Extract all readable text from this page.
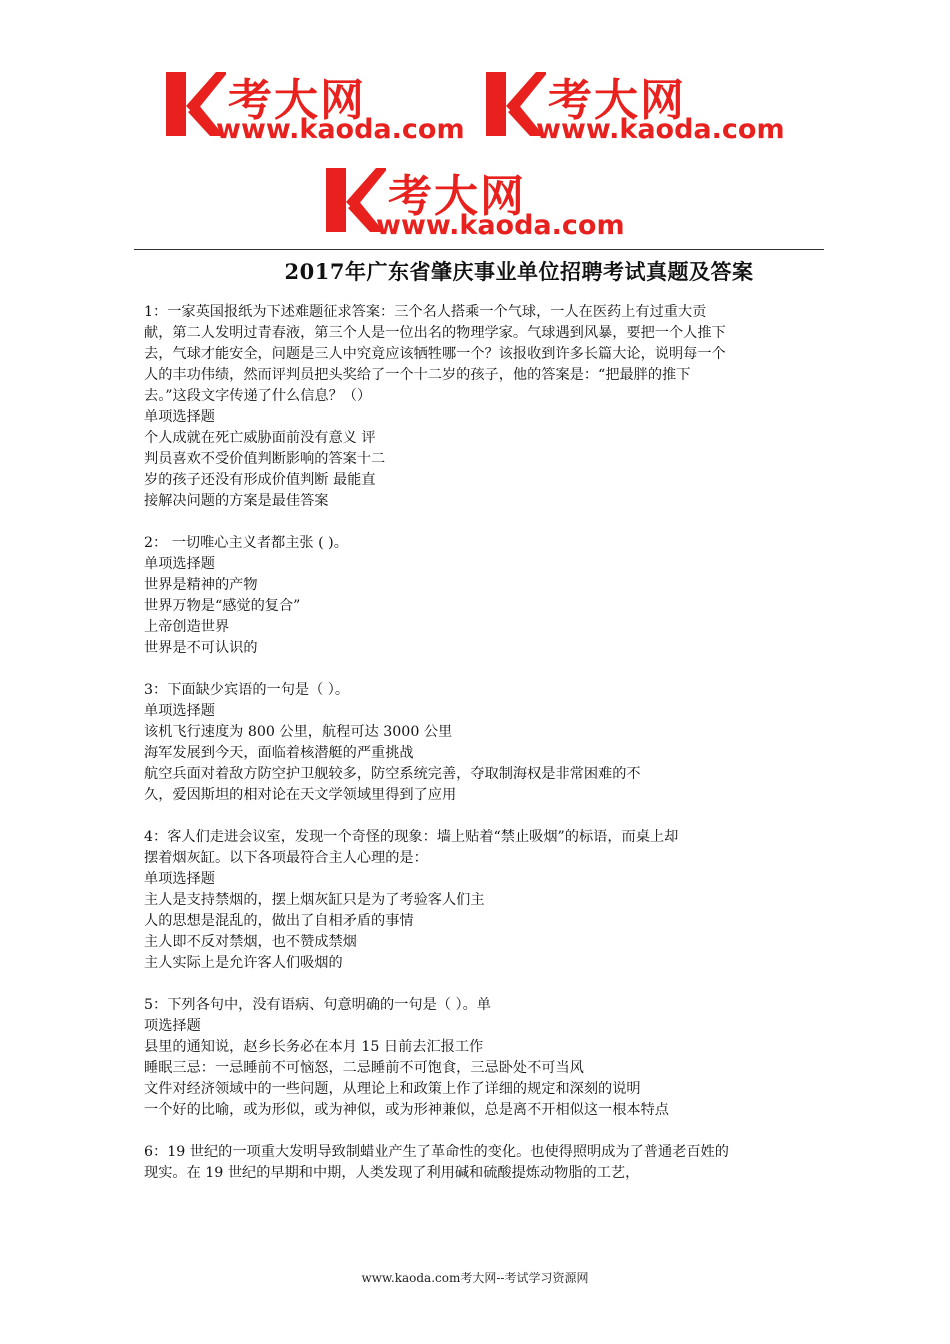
考大网
www.kaoda.com
考大网
www.kaoda.com
考大网
www.kaoda.com
2017年广东省肇庆事业单位招聘考试真题及答案
1：一家英国报纸为下述难题征求答案：三个名人搭乘一个气球，一人在医药上有过重大贡
献，第二人发明过青春液，第三个人是一位出名的物理学家。气球遇到风暴，要把一个人推下
去，气球才能安全，问题是三人中究竟应该牺牲哪一个？该报收到许多长篇大论，说明每一个
人的丰功伟绩，然而评判员把头奖给了一个十二岁的孩子，他的答案是：“把最胖的推下
去。”这段文字传递了什么信息？（）
单项选择题
个人成就在死亡威胁面前没有意义 评
判员喜欢不受价值判断影响的答案十二
岁的孩子还没有形成价值判断 最能直
接解决问题的方案是最佳答案
2： 一切唯心主义者都主张 ( )。
单项选择题
世界是精神的产物
世界万物是“感觉的复合”
上帝创造世界
世界是不可认识的
3：下面缺少宾语的一句是（ ）。
单项选择题
该机飞行速度为 800 公里，航程可达 3000 公里
海军发展到今天，面临着核潜艇的严重挑战
航空兵面对着敌方防空护卫舰较多，防空系统完善，夺取制海权是非常困难的不
久，爱因斯坦的相对论在天文学领域里得到了应用
4：客人们走进会议室，发现一个奇怪的现象：墙上贴着“禁止吸烟”的标语，而桌上却
摆着烟灰缸。以下各项最符合主人心理的是：
单项选择题
主人是支持禁烟的，摆上烟灰缸只是为了考验客人们主
人的思想是混乱的，做出了自相矛盾的事情
主人即不反对禁烟，也不赞成禁烟
主人实际上是允许客人们吸烟的
5：下列各句中，没有语病、句意明确的一句是（ ）。单
项选择题
县里的通知说，赵乡长务必在本月 15 日前去汇报工作
睡眠三忌：一忌睡前不可恼怒，二忌睡前不可饱食，三忌卧处不可当风
文件对经济领域中的一些问题，从理论上和政策上作了详细的规定和深刻的说明
一个好的比喻，或为形似，或为神似，或为形神兼似，总是离不开相似这一根本特点
6：19 世纪的一项重大发明导致制蜡业产生了革命性的变化。也使得照明成为了普通老百姓的
现实。在 19 世纪的早期和中期，人类发现了利用碱和硫酸提炼动物脂的工艺，
www.kaoda.com考大网--考试学习资源网
